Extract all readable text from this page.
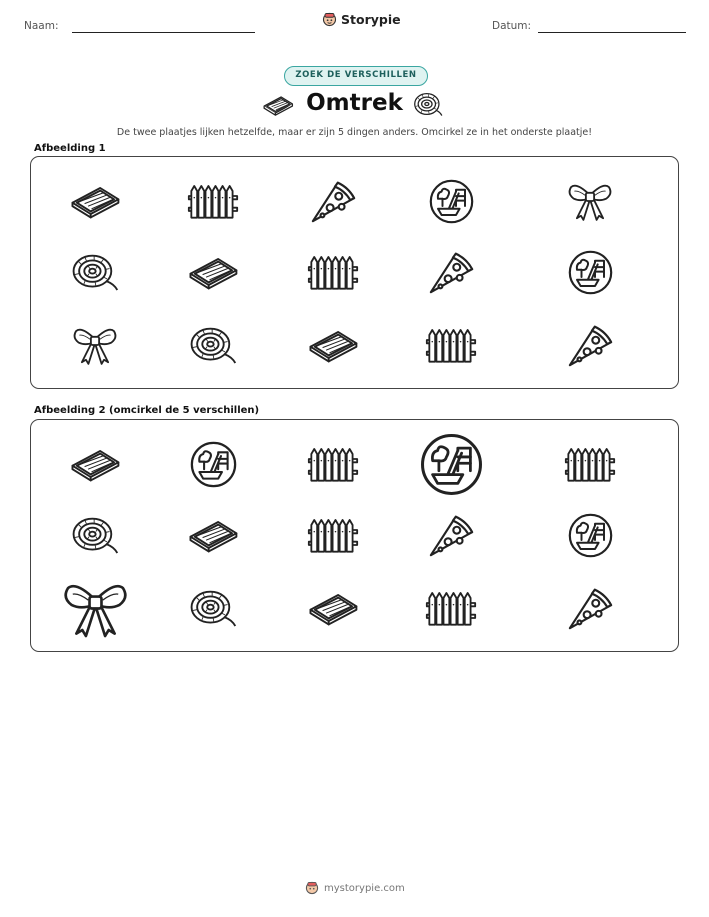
Naam:	Storypie	Datum:
ZOEK DE VERSCHILLEN
Omtrek
De twee plaatjes lijken hetzelfde, maar er zijn 5 dingen anders. Omcirkel ze in het onderste plaatje!
Afbeelding 1
Afbeelding 2 (omcirkel de 5 verschillen)
mystorypie.com
